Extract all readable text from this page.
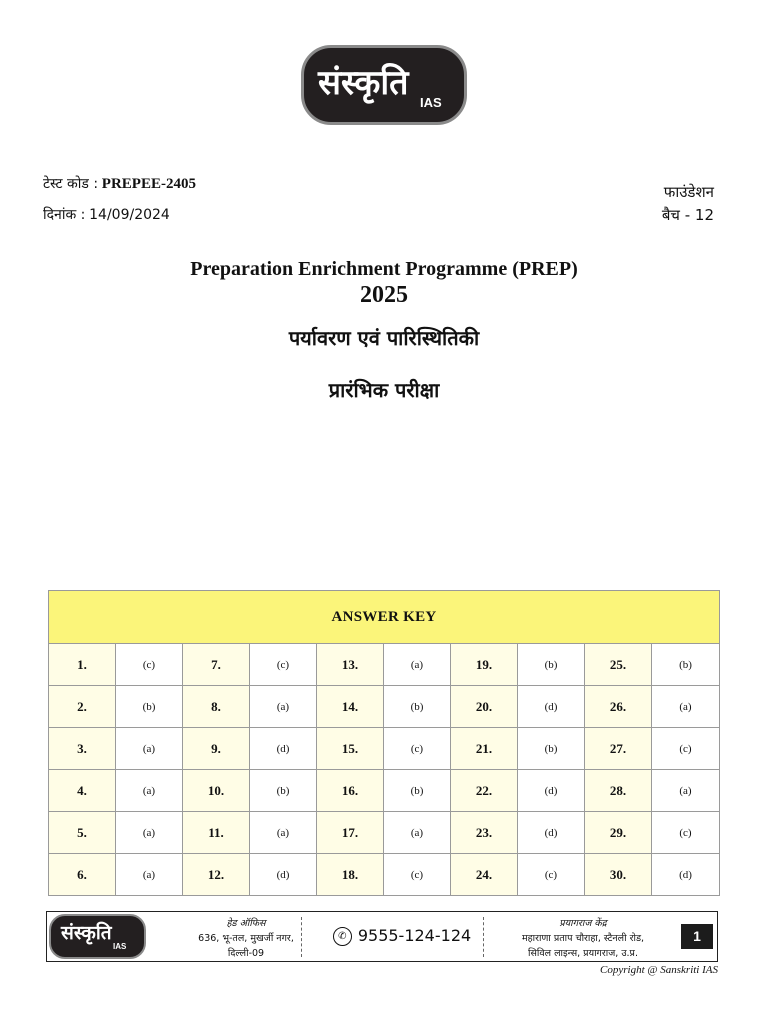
संस्कृति IAS
टेस्ट कोड : PREPEE-2405
दिनांक : 14/09/2024
फाउंडेशन
बैच - 12
Preparation Enrichment Programme (PREP)
2025
पर्यावरण एवं पारिस्थितिकी
प्रारंभिक परीक्षा
ANSWER KEY									
1.	(c)	7.	(c)	13.	(a)	19.	(b)	25.	(b)
2.	(b)	8.	(a)	14.	(b)	20.	(d)	26.	(a)
3.	(a)	9.	(d)	15.	(c)	21.	(b)	27.	(c)
4.	(a)	10.	(b)	16.	(b)	22.	(d)	28.	(a)
5.	(a)	11.	(a)	17.	(a)	23.	(d)	29.	(c)
6.	(a)	12.	(d)	18.	(c)	24.	(c)	30.	(d)
संस्कृति
IAS
हेड ऑफिस
636, भू-तल, मुखर्जी नगर,
दिल्ली-09
✆ 9555-124-124
प्रयागराज केंद्र
महाराणा प्रताप चौराहा, स्टैनली रोड,
सिविल लाइन्स, प्रयागराज, उ.प्र.
1
Copyright @ Sanskriti IAS
